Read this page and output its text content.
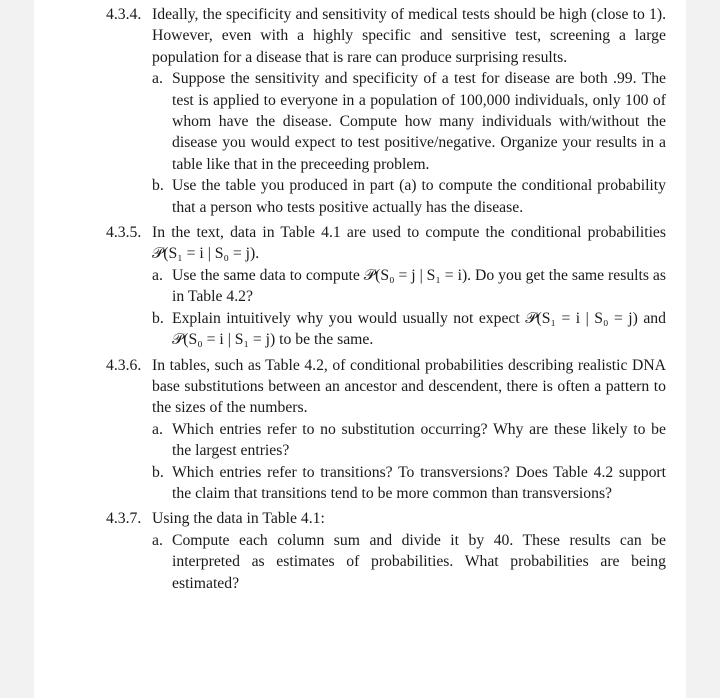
4.3.4. Ideally, the specificity and sensitivity of medical tests should be high (close to 1). However, even with a highly specific and sensitive test, screening a large population for a disease that is rare can produce surprising results.
a. Suppose the sensitivity and specificity of a test for disease are both .99. The test is applied to everyone in a population of 100,000 individuals, only 100 of whom have the disease. Compute how many individuals with/without the disease you would expect to test positive/negative. Organize your results in a table like that in the preceeding problem.
b. Use the table you produced in part (a) to compute the conditional probability that a person who tests positive actually has the disease.
4.3.5. In the text, data in Table 4.1 are used to compute the conditional probabilities 𝒫(S₁ = i | S₀ = j).
a. Use the same data to compute 𝒫(S₀ = j | S₁ = i). Do you get the same results as in Table 4.2?
b. Explain intuitively why you would usually not expect 𝒫(S₁ = i | S₀ = j) and 𝒫(S₀ = i | S₁ = j) to be the same.
4.3.6. In tables, such as Table 4.2, of conditional probabilities describing realistic DNA base substitutions between an ancestor and descendent, there is often a pattern to the sizes of the numbers.
a. Which entries refer to no substitution occurring? Why are these likely to be the largest entries?
b. Which entries refer to transitions? To transversions? Does Table 4.2 support the claim that transitions tend to be more common than transversions?
4.3.7. Using the data in Table 4.1:
a. Compute each column sum and divide it by 40. These results can be interpreted as estimates of probabilities. What probabilities are being estimated?
